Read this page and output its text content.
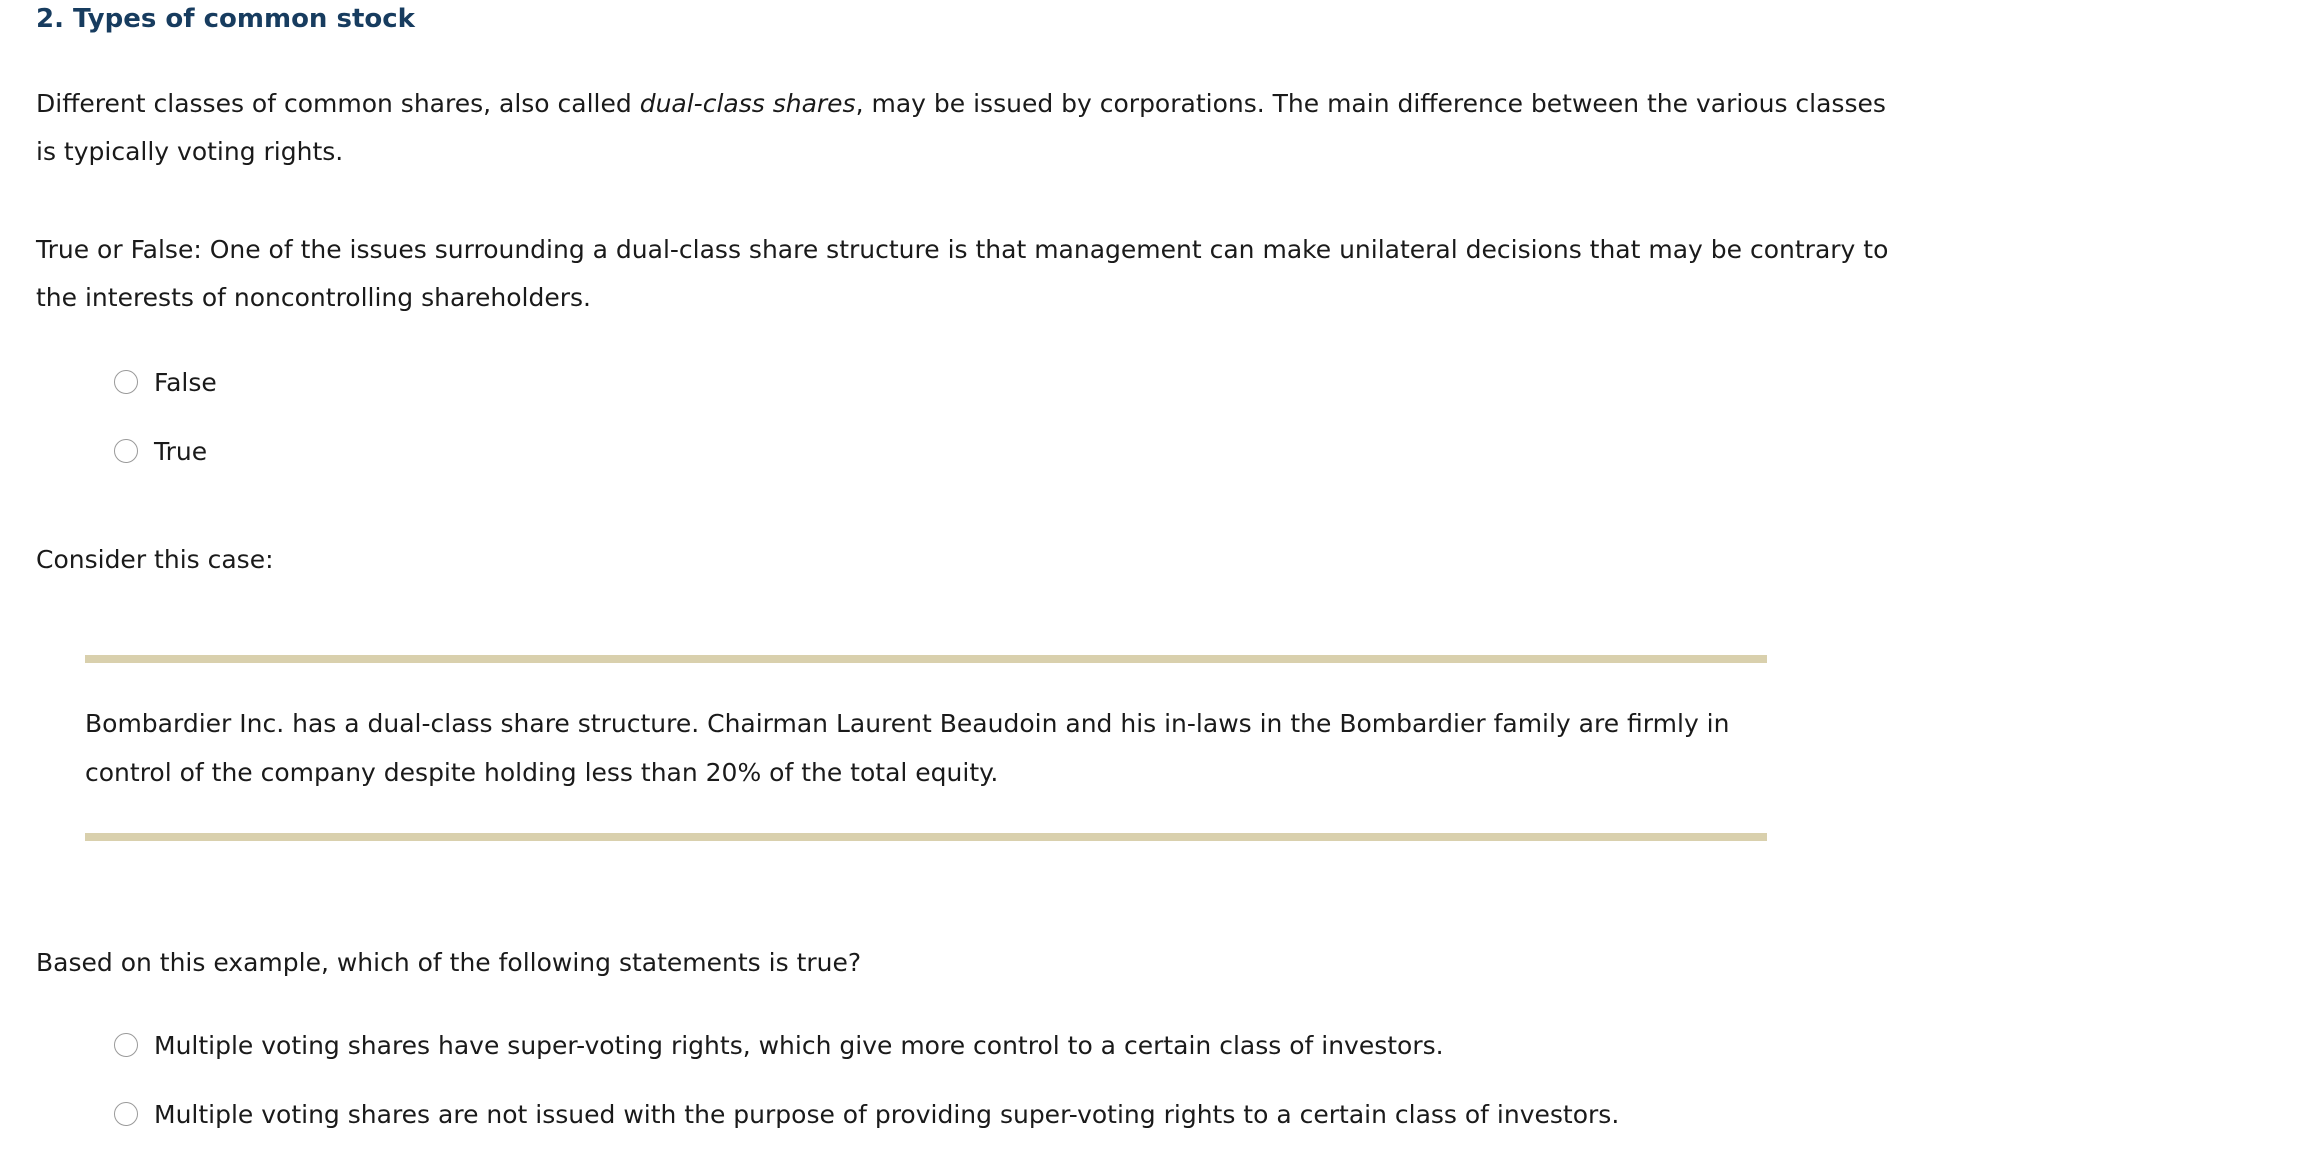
2. Types of common stock

Different classes of common shares, also called dual-class shares, may be issued by corporations. The main difference between the various classes is typically voting rights.

True or False: One of the issues surrounding a dual-class share structure is that management can make unilateral decisions that may be contrary to the interests of noncontrolling shareholders.

False
True

Consider this case:

Bombardier Inc. has a dual-class share structure. Chairman Laurent Beaudoin and his in-laws in the Bombardier family are firmly in control of the company despite holding less than 20% of the total equity.

Based on this example, which of the following statements is true?

Multiple voting shares have super-voting rights, which give more control to a certain class of investors.
Multiple voting shares are not issued with the purpose of providing super-voting rights to a certain class of investors.
